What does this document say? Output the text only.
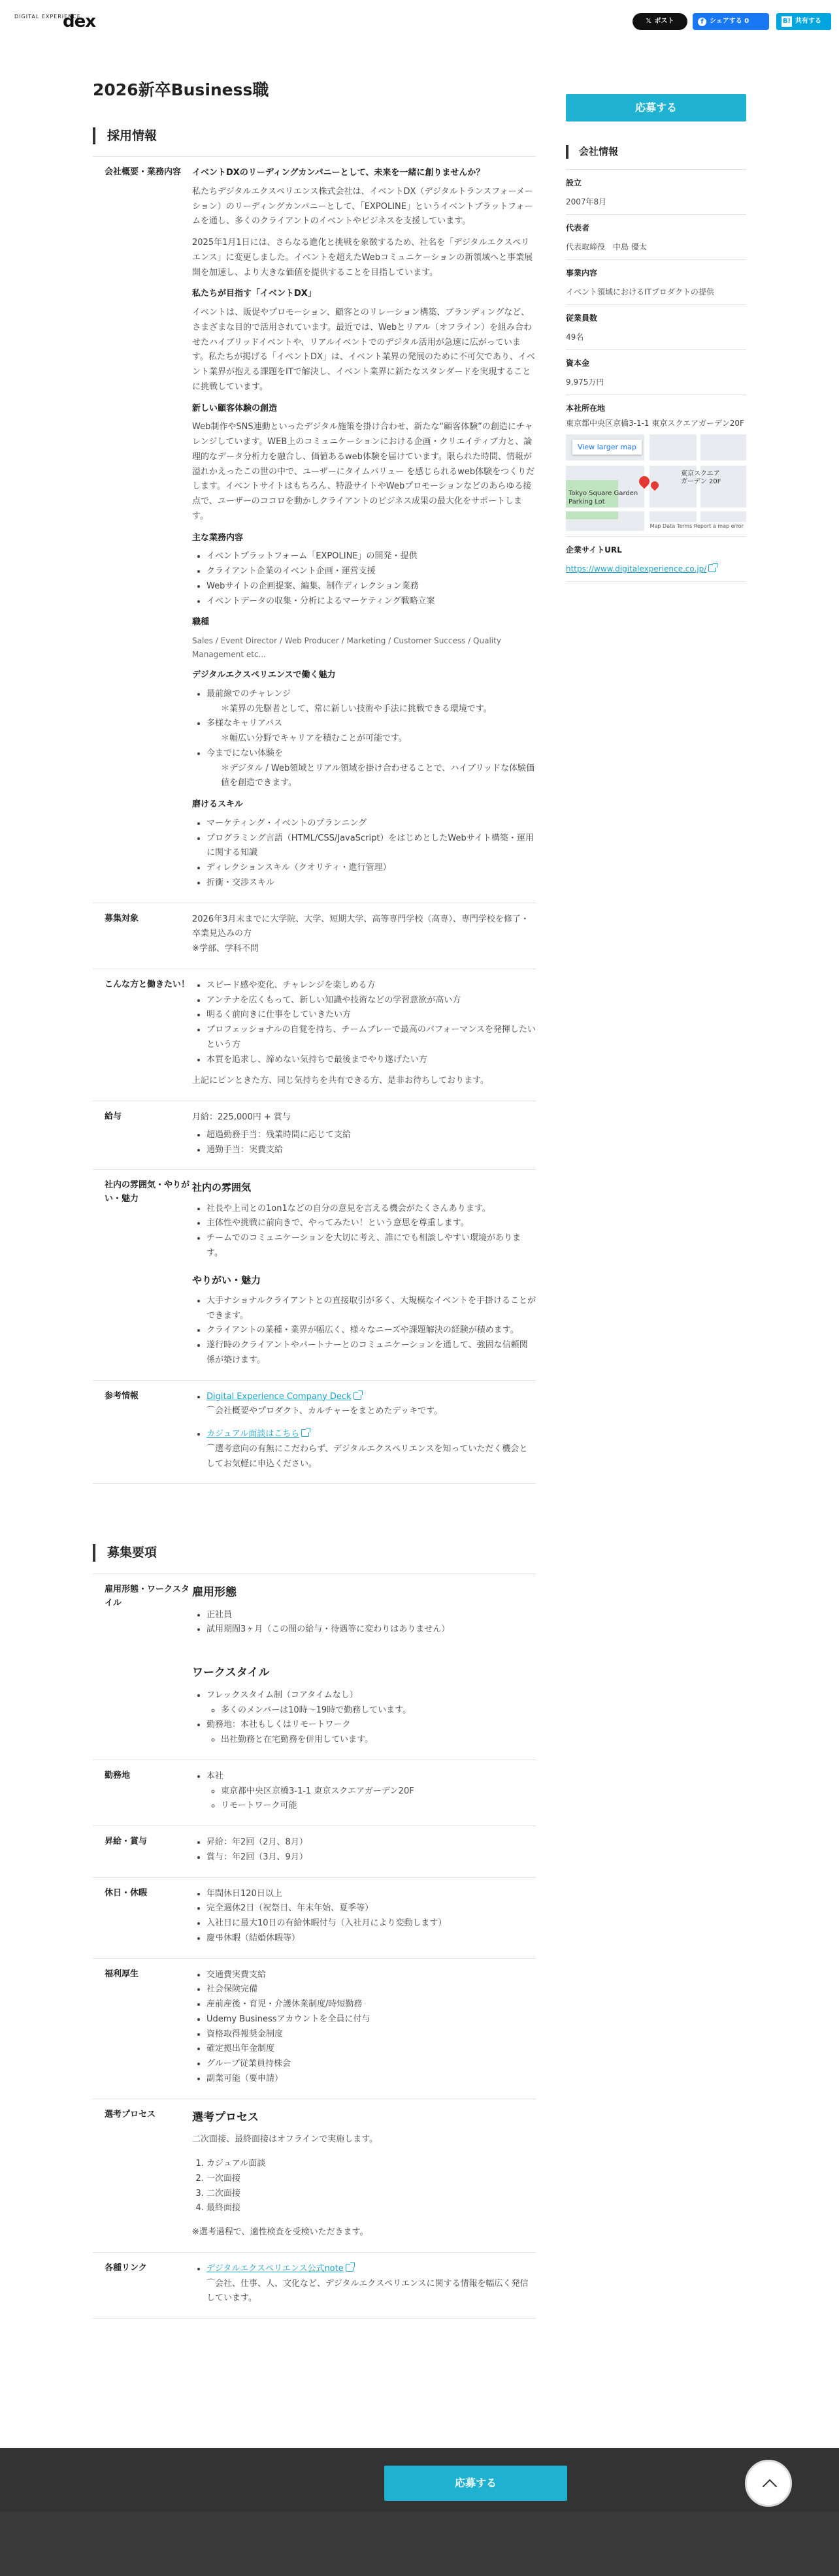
DIGITAL EXPERIENCE
dex	𝕏 ポスト	f シェアする 0	B! 共有する
2026新卒Business職
採用情報
会社概要・業務内容	イベントDXのリーディングカンパニーとして、未来を一緒に創りませんか？

私たちデジタルエクスペリエンス株式会社は、イベントDX（デジタルトランスフォーメーション）のリーディングカンパニーとして、「EXPOLINE」というイベントプラットフォームを通し、多くのクライアントのイベントやビジネスを支援しています。

2025年1月1日には、さらなる進化と挑戦を象徴するため、社名を「デジタルエクスペリエンス」に変更しました。イベントを超えたWebコミュニケーションの新領域へと事業展開を加速し、より大きな価値を提供することを目指しています。

私たちが目指す「イベントDX」

イベントは、販促やプロモーション、顧客とのリレーション構築、ブランディングなど、さまざまな目的で活用されています。最近では、Webとリアル（オフライン）を組み合わせたハイブリッドイベントや、リアルイベントでのデジタル活用が急速に広がっています。私たちが掲げる「イベントDX」は、イベント業界の発展のために不可欠であり、イベント業界が抱える課題をITで解決し、イベント業界に新たなスタンダードを実現することに挑戦しています。

新しい顧客体験の創造

Web制作やSNS連動といったデジタル施策を掛け合わせ、新たな“顧客体験”の創造にチャレンジしています。WEB上のコミュニケーションにおける企画・クリエイティブ力と、論理的なデータ分析力を融合し、価値あるweb体験を届けています。限られた時間、情報が溢れかえったこの世の中で、ユーザーにタイムパリュー を感じられるweb体験をつくりだします。イベントサイトはもちろん、特設サイトやWebプロモーションなどのあらゆる接点で、ユーザーのココロを動かしクライアントのビジネス成果の最大化をサポートします。

主な業務内容
• イベントプラットフォーム「EXPOLINE」の開発・提供
• クライアント企業のイベント企画・運営支援
• Webサイトの企画提案、編集、制作ディレクション業務
• イベントデータの収集・分析によるマーケティング戦略立案
職種

Sales / Event Director / Web Producer / Marketing / Customer Success / Quality Management etc...

デジタルエクスペリエンスで働く魅力
• 最前線でのチャレンジ
＊業界の先駆者として、常に新しい技術や手法に挑戦できる環境です。
• 多様なキャリアパス
＊幅広い分野でキャリアを積むことが可能です。
• 今までにない体験を
＊デジタル / Web領域とリアル領域を掛け合わせることで、ハイブリッドな体験価値を創造できます。
磨けるスキル
• マーケティング・イベントのプランニング
• プログラミング言語（HTML/CSS/JavaScript）をはじめとしたWebサイト構築・運用に関する知識
• ディレクションスキル（クオリティ・進行管理）
• 折衝・交渉スキル
募集対象	2026年3月末までに大学院、大学、短期大学、高等専門学校（高専）、専門学校を修了・卒業見込みの方
※学部、学科不問
こんな方と働きたい！	• スピード感や変化、チャレンジを楽しめる方
• アンテナを広くもって、新しい知識や技術などの学習意欲が高い方
• 明るく前向きに仕事をしていきたい方
• プロフェッショナルの自覚を持ち、チームプレーで最高のパフォーマンスを発揮したいという方
• 本質を追求し、諦めない気持ちで最後までやり遂げたい方

上記にピンときた方、同じ気持ちを共有できる方、是非お待ちしております。

給与	月給：225,000円 + 賞与

• 超過勤務手当：残業時間に応じて支給
• 通勤手当：実費支給
社内の雰囲気・やりがい・魅力
社内の雰囲気
• 社長や上司との1on1などの自分の意見を言える機会がたくさんあります。
• 主体性や挑戦に前向きで、やってみたい！という意思を尊重します。
• チームでのコミュニケーションを大切に考え、誰にでも相談しやすい環境があります。
やりがい・魅力
• 大手ナショナルクライアントとの直接取引が多く、大規模なイベントを手掛けることができます。
• クライアントの業種・業界が幅広く、様々なニーズや課題解決の経験が積めます。
• 遂行時のクライアントやパートナーとのコミュニケーションを通して、強固な信頼関係が築けます。
参考情報	• Digital Experience Company Deck
⌒会社概要やプロダクト、カルチャーをまとめたデッキです。
• カジュアル面談はこちら
⌒選考意向の有無にこだわらず、デジタルエクスペリエンスを知っていただく機会としてお気軽に申込ください。
募集要項
雇用形態・ワークスタイル
雇用形態
• 正社員
• 試用期間3ヶ月（この間の給与・待遇等に変わりはありません）
ワークスタイル
• フレックスタイム制（コアタイムなし）
◦ 多くのメンバーは10時〜19時で勤務しています。
• 勤務地：本社もしくはリモートワーク
◦ 出社勤務と在宅勤務を併用しています。
勤務地	• 本社
◦ 東京都中央区京橋3-1-1 東京スクエアガーデン20F
◦ リモートワーク可能
昇給・賞与	• 昇給：年2回（2月、8月）
• 賞与：年2回（3月、9月）
休日・休暇	• 年間休日120日以上
• 完全週休2日（祝祭日、年末年始、夏季等）
• 入社日に最大10日の有給休暇付与（入社月により変動します）
• 慶弔休暇（結婚休暇等）
福利厚生	• 交通費実費支給
• 社会保険完備
• 産前産後・育児・介護休業制度/時短勤務
• Udemy Businessアカウントを全員に付与
• 資格取得報奨金制度
• 確定拠出年金制度
• グループ従業員持株会
• 副業可能（要申請）
選考プロセス	選考プロセス

二次面接、最終面接はオフラインで実施します。

1. カジュアル面談
2. 一次面接
3. 二次面接
4. 最終面接

※選考過程で、適性検査を受検いただきます。

各種リンク	• デジタルエクスペリエンス公式note
⌒会社、仕事、人、文化など、デジタルエクスペリエンスに関する情報を幅広く発信しています。
応募する
会社情報
設立
2007年8月
代表者
代表取締役　中島 優太
事業内容
イベント領域におけるITプロダクトの提供
従業員数
49名
資本金
9,975万円
本社所在地
東京都中央区京橋3-1-1 東京スクエアガーデン20F
東京スクエア
ガーデン 20F
Tokyo Square Garden Parking Lot
View larger map
Map Data Terms Report a map error
企業サイトURL
https://www.digitalexperience.co.jp/
応募する
